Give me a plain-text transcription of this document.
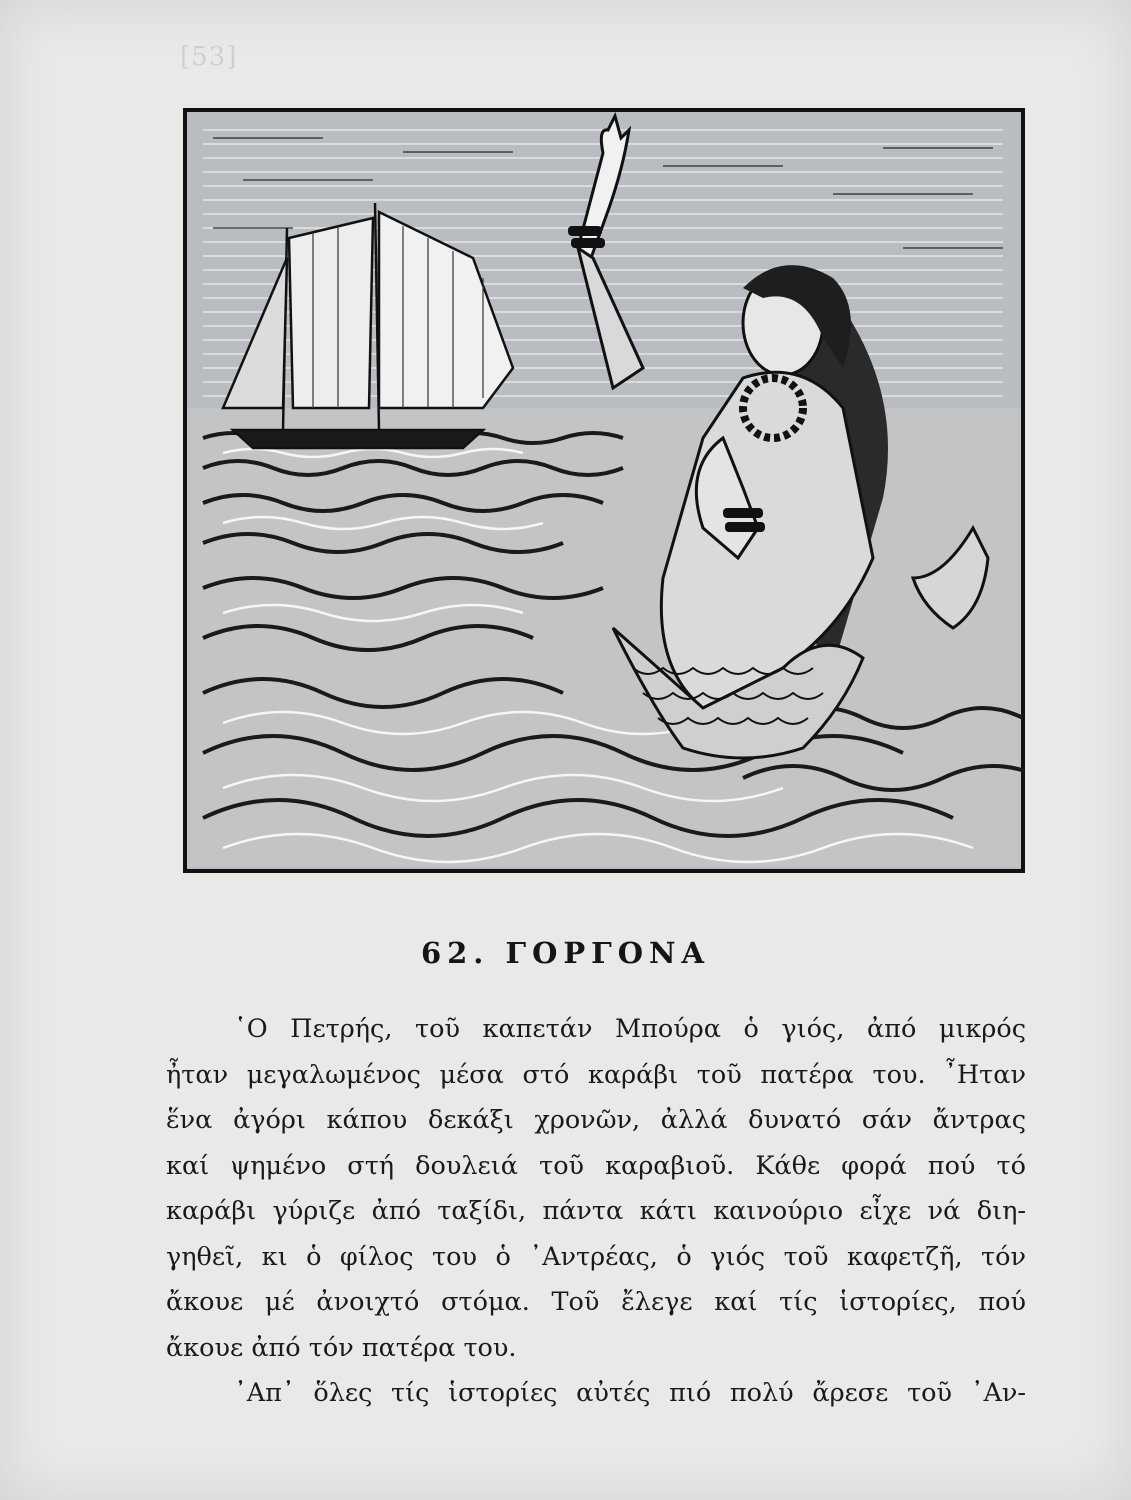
[53]
62. ΓΟΡΓΟΝΑ
῾Ο Πετρής, τοῦ καπετάν Μπούρα ὁ γιός, ἀπό μικρός
ἦταν μεγαλωμένος μέσα στό καράβι τοῦ πατέρα του. ῏Ηταν
ἕνα ἀγόρι κάπου δεκάξι χρονῶν, ἀλλά δυνατό σάν ἄντρας
καί ψημένο στή δουλειά τοῦ καραβιοῦ. Κάθε φορά πού τό
καράβι γύριζε ἀπό ταξίδι, πάντα κάτι καινούριο εἶχε νά διη-
γηθεῖ, κι ὁ φίλος του ὁ ᾿Αντρέας, ὁ γιός τοῦ καφετζῆ, τόν
ἄκουε μέ ἀνοιχτό στόμα. Τοῦ ἔλεγε καί τίς ἱστορίες, πού
ἄκουε ἀπό τόν πατέρα του.
᾿Απ᾿ ὅλες τίς ἱστορίες αὐτές πιό πολύ ἄρεσε τοῦ ᾿Αν-
